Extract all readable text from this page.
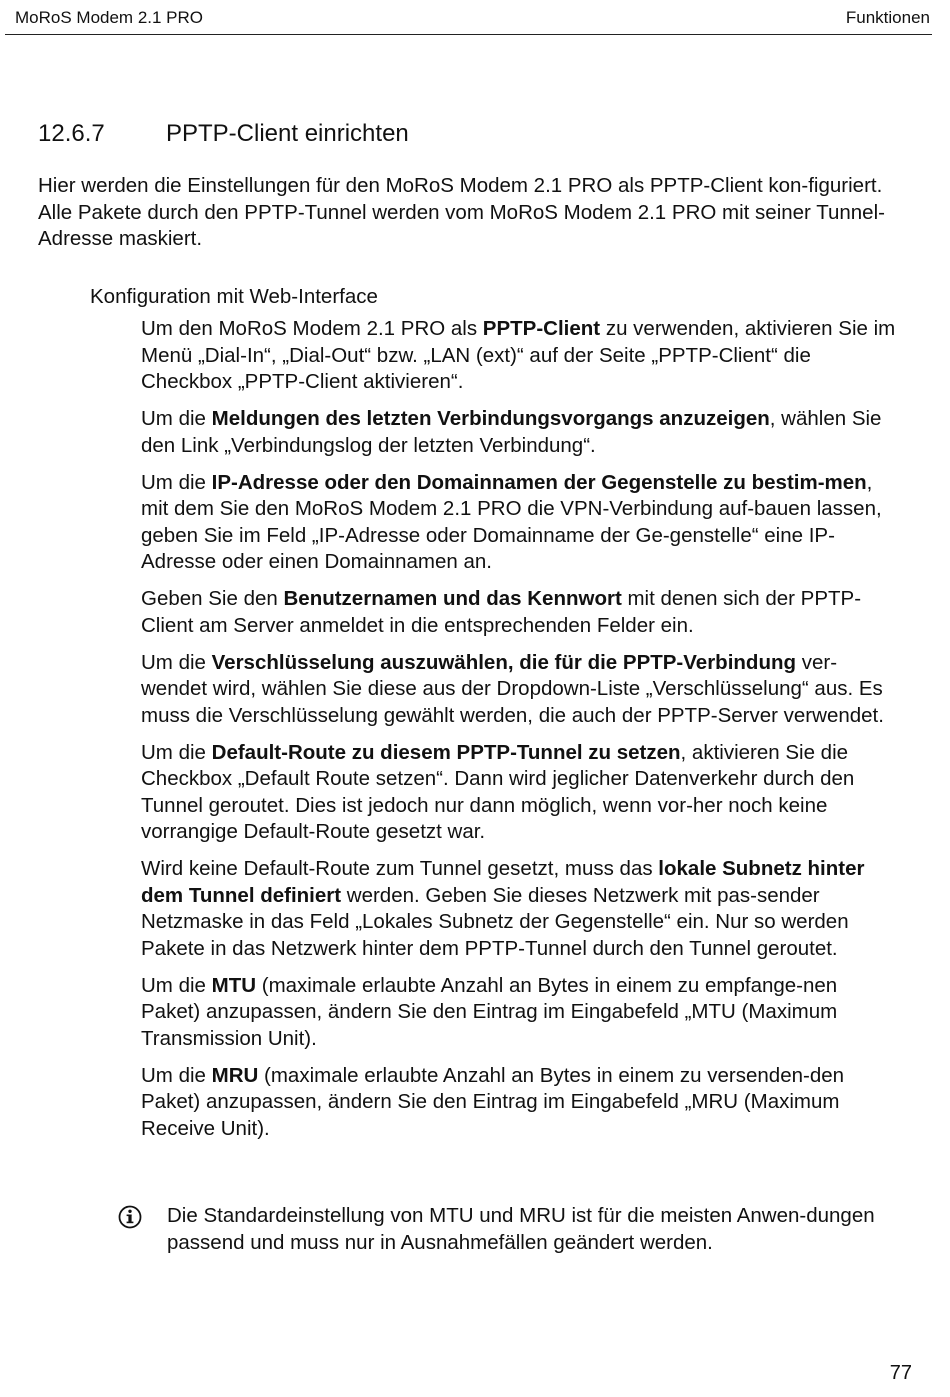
MoRoS Modem 2.1 PRO	Funktionen
12.6.7	PPTP-Client einrichten

Hier werden die Einstellungen für den MoRoS Modem 2.1 PRO als PPTP-Client kon-figuriert. Alle Pakete durch den PPTP-Tunnel werden vom MoRoS Modem 2.1 PRO mit seiner Tunnel-Adresse maskiert.

Konfiguration mit Web-Interface

Um den MoRoS Modem 2.1 PRO als PPTP-Client zu verwenden, aktivieren Sie im Menü „Dial-In“, „Dial-Out“ bzw. „LAN (ext)“ auf der Seite „PPTP-Client“ die Checkbox „PPTP-Client aktivieren“.

Um die Meldungen des letzten Verbindungsvorgangs anzuzeigen, wählen Sie den Link „Verbindungslog der letzten Verbindung“.

Um die IP-Adresse oder den Domainnamen der Gegenstelle zu bestim-men, mit dem Sie den MoRoS Modem 2.1 PRO die VPN-Verbindung auf-bauen lassen, geben Sie im Feld „IP-Adresse oder Domainname der Ge-genstelle“ eine IP-Adresse oder einen Domainnamen an.

Geben Sie den Benutzernamen und das Kennwort mit denen sich der PPTP-Client am Server anmeldet in die entsprechenden Felder ein.

Um die Verschlüsselung auszuwählen, die für die PPTP-Verbindung ver-wendet wird, wählen Sie diese aus der Dropdown-Liste „Verschlüsselung“ aus. Es muss die Verschlüsselung gewählt werden, die auch der PPTP-Server verwendet.

Um die Default-Route zu diesem PPTP-Tunnel zu setzen, aktivieren Sie die Checkbox „Default Route setzen“. Dann wird jeglicher Datenverkehr durch den Tunnel geroutet. Dies ist jedoch nur dann möglich, wenn vor-her noch keine vorrangige Default-Route gesetzt war.

Wird keine Default-Route zum Tunnel gesetzt, muss das lokale Subnetz hinter dem Tunnel definiert werden. Geben Sie dieses Netzwerk mit pas-sender Netzmaske in das Feld „Lokales Subnetz der Gegenstelle“ ein. Nur so werden Pakete in das Netzwerk hinter dem PPTP-Tunnel durch den Tunnel geroutet.

Um die MTU (maximale erlaubte Anzahl an Bytes in einem zu empfange-nen Paket) anzupassen, ändern Sie den Eintrag im Eingabefeld „MTU (Maximum Transmission Unit).

Um die MRU (maximale erlaubte Anzahl an Bytes in einem zu versenden-den Paket) anzupassen, ändern Sie den Eintrag im Eingabefeld „MRU (Maximum Receive Unit).

Die Standardeinstellung von MTU und MRU ist für die meisten Anwen-dungen passend und muss nur in Ausnahmefällen geändert werden.

77
